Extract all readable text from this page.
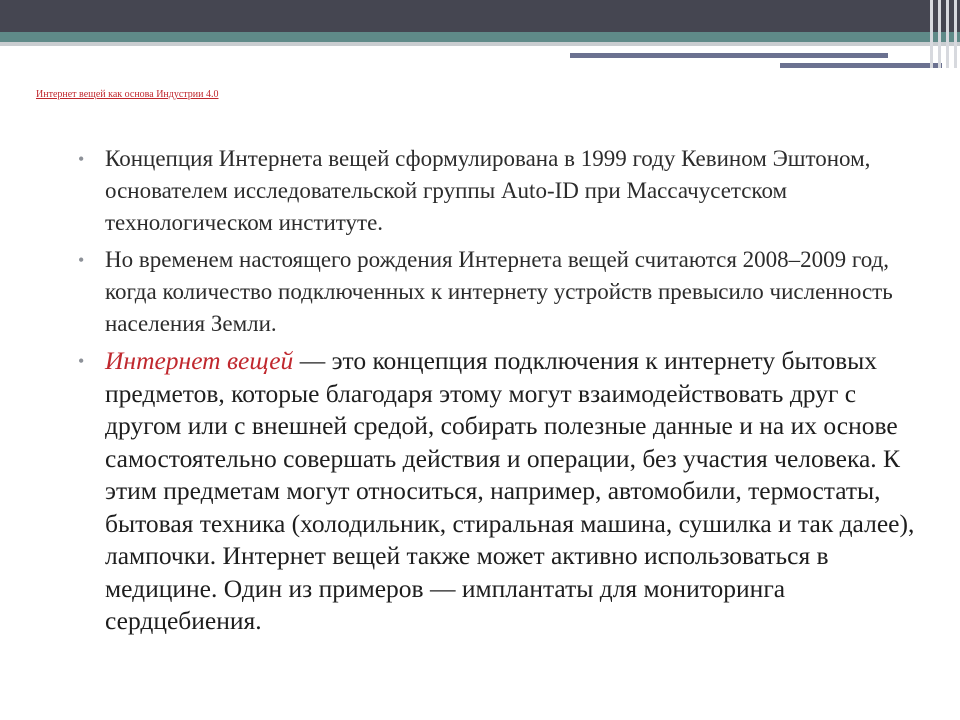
Интернет вещей как основа Индустрии 4.0
• Концепция Интернета вещей сформулирована в 1999 году Кевином Эштоном, основателем исследовательской группы Auto-ID при Массачусетском технологическом институте.
• Но временем настоящего рождения Интернета вещей считаются 2008–2009 год, когда количество подключенных к интернету устройств превысило численность населения Земли.
• Интернет вещей — это концепция подключения к интернету бытовых предметов, которые благодаря этому могут взаимодействовать друг с другом или с внешней средой, собирать полезные данные и на их основе самостоятельно совершать действия и операции, без участия человека. К этим предметам могут относиться, например, автомобили, термостаты, бытовая техника (холодильник, стиральная машина, сушилка и так далее), лампочки. Интернет вещей также может активно использоваться в медицине. Один из примеров — имплантаты для мониторинга сердцебиения.
